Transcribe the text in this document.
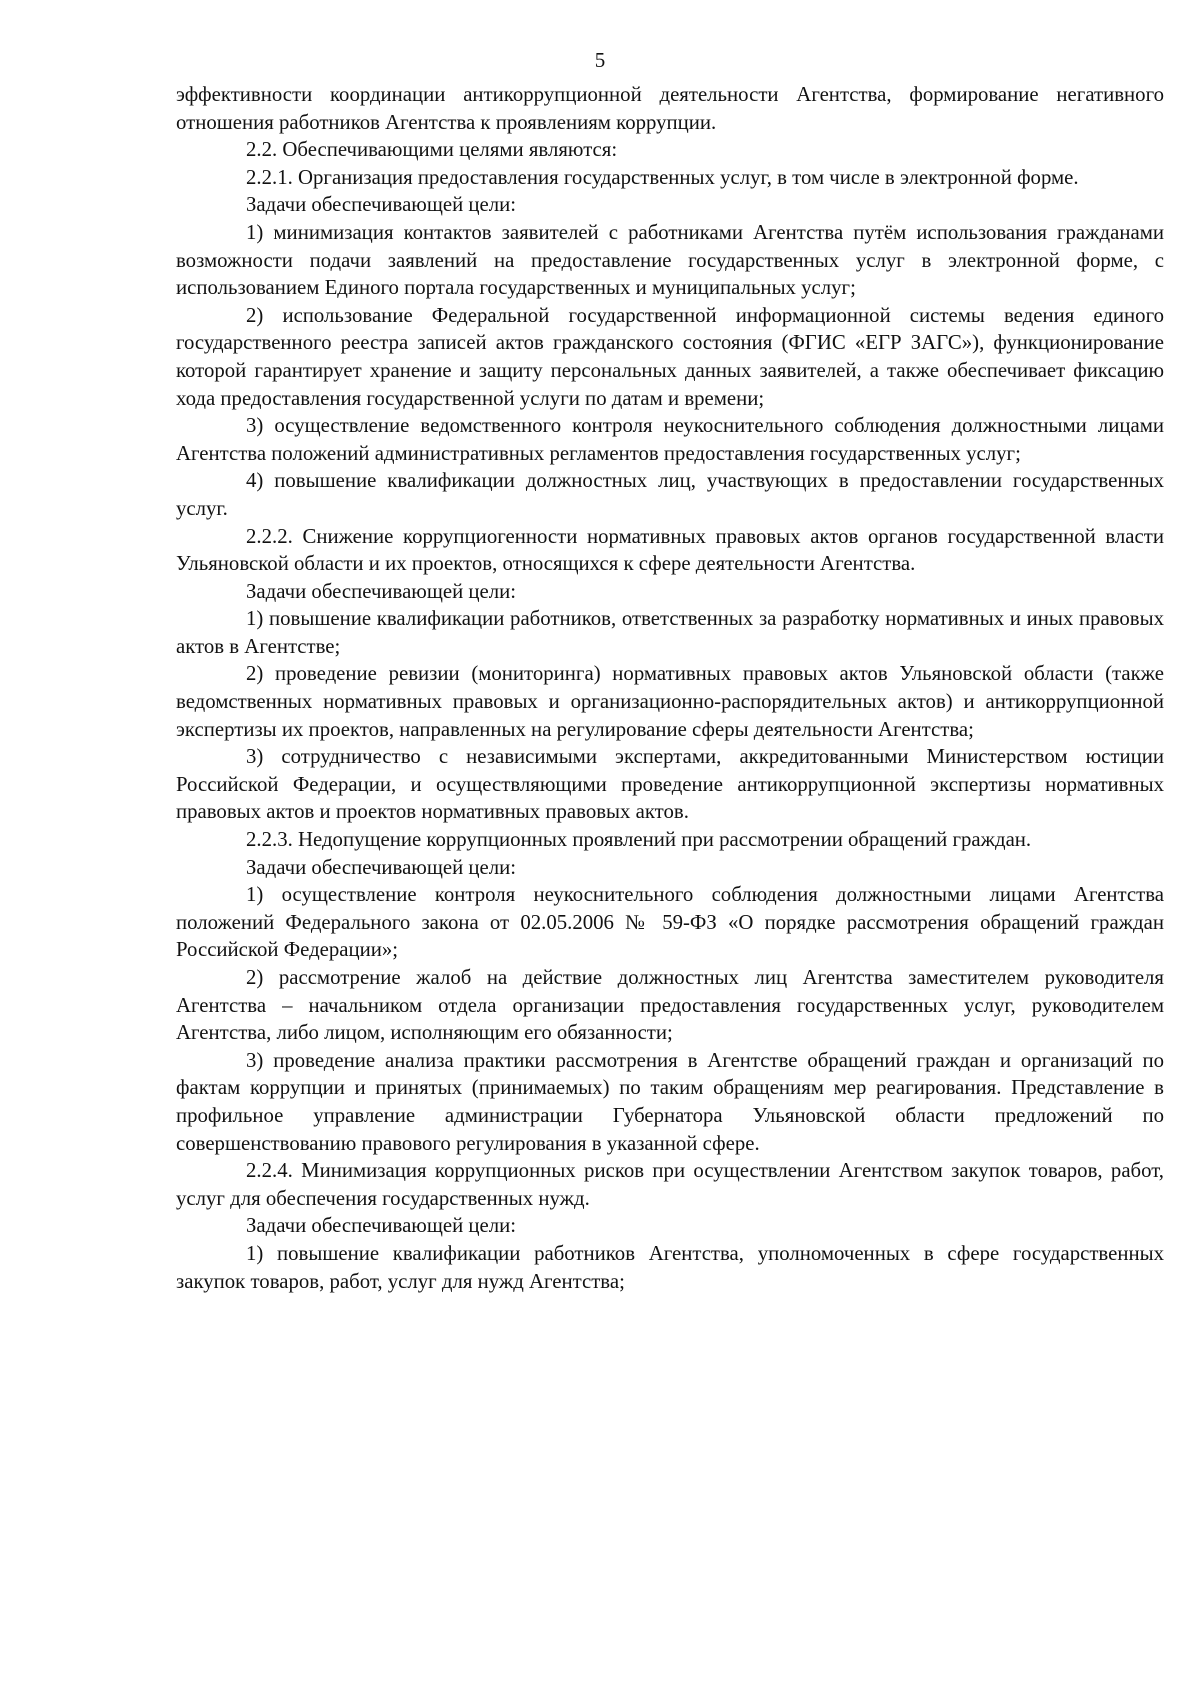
5

эффективности координации антикоррупционной деятельности Агентства, формирование негативного отношения работников Агентства к проявлениям коррупции.

2.2. Обеспечивающими целями являются:

2.2.1. Организация предоставления государственных услуг, в том числе в электронной форме.

Задачи обеспечивающей цели:

1) минимизация контактов заявителей с работниками Агентства путём использования гражданами возможности подачи заявлений на предоставление государственных услуг в электронной форме, с использованием Единого портала государственных и муниципальных услуг;

2) использование Федеральной государственной информационной системы ведения единого государственного реестра записей актов гражданского состояния (ФГИС «ЕГР ЗАГС»), функционирование которой гарантирует хранение и защиту персональных данных заявителей, а также обеспечивает фиксацию хода предоставления государственной услуги по датам и времени;

3) осуществление ведомственного контроля неукоснительного соблюдения должностными лицами Агентства положений административных регламентов предоставления государственных услуг;

4) повышение квалификации должностных лиц, участвующих в предоставлении государственных услуг.

2.2.2. Снижение коррупциогенности нормативных правовых актов органов государственной власти Ульяновской области и их проектов, относящихся к сфере деятельности Агентства.

Задачи обеспечивающей цели:

1) повышение квалификации работников, ответственных за разработку нормативных и иных правовых актов в Агентстве;

2) проведение ревизии (мониторинга) нормативных правовых актов Ульяновской области (также ведомственных нормативных правовых и организационно-распорядительных актов) и антикоррупционной экспертизы их проектов, направленных на регулирование сферы деятельности Агентства;

3) сотрудничество с независимыми экспертами, аккредитованными Министерством юстиции Российской Федерации, и осуществляющими проведение антикоррупционной экспертизы нормативных правовых актов и проектов нормативных правовых актов.

2.2.3. Недопущение коррупционных проявлений при рассмотрении обращений граждан.

Задачи обеспечивающей цели:

1) осуществление контроля неукоснительного соблюдения должностными лицами Агентства положений Федерального закона от 02.05.2006 № 59-ФЗ «О порядке рассмотрения обращений граждан Российской Федерации»;

2) рассмотрение жалоб на действие должностных лиц Агентства заместителем руководителя Агентства – начальником отдела организации предоставления государственных услуг, руководителем Агентства, либо лицом, исполняющим его обязанности;

3) проведение анализа практики рассмотрения в Агентстве обращений граждан и организаций по фактам коррупции и принятых (принимаемых) по таким обращениям мер реагирования. Представление в профильное управление администрации Губернатора Ульяновской области предложений по совершенствованию правового регулирования в указанной сфере.

2.2.4. Минимизация коррупционных рисков при осуществлении Агентством закупок товаров, работ, услуг для обеспечения государственных нужд.

Задачи обеспечивающей цели:

1) повышение квалификации работников Агентства, уполномоченных в сфере государственных закупок товаров, работ, услуг для нужд Агентства;
